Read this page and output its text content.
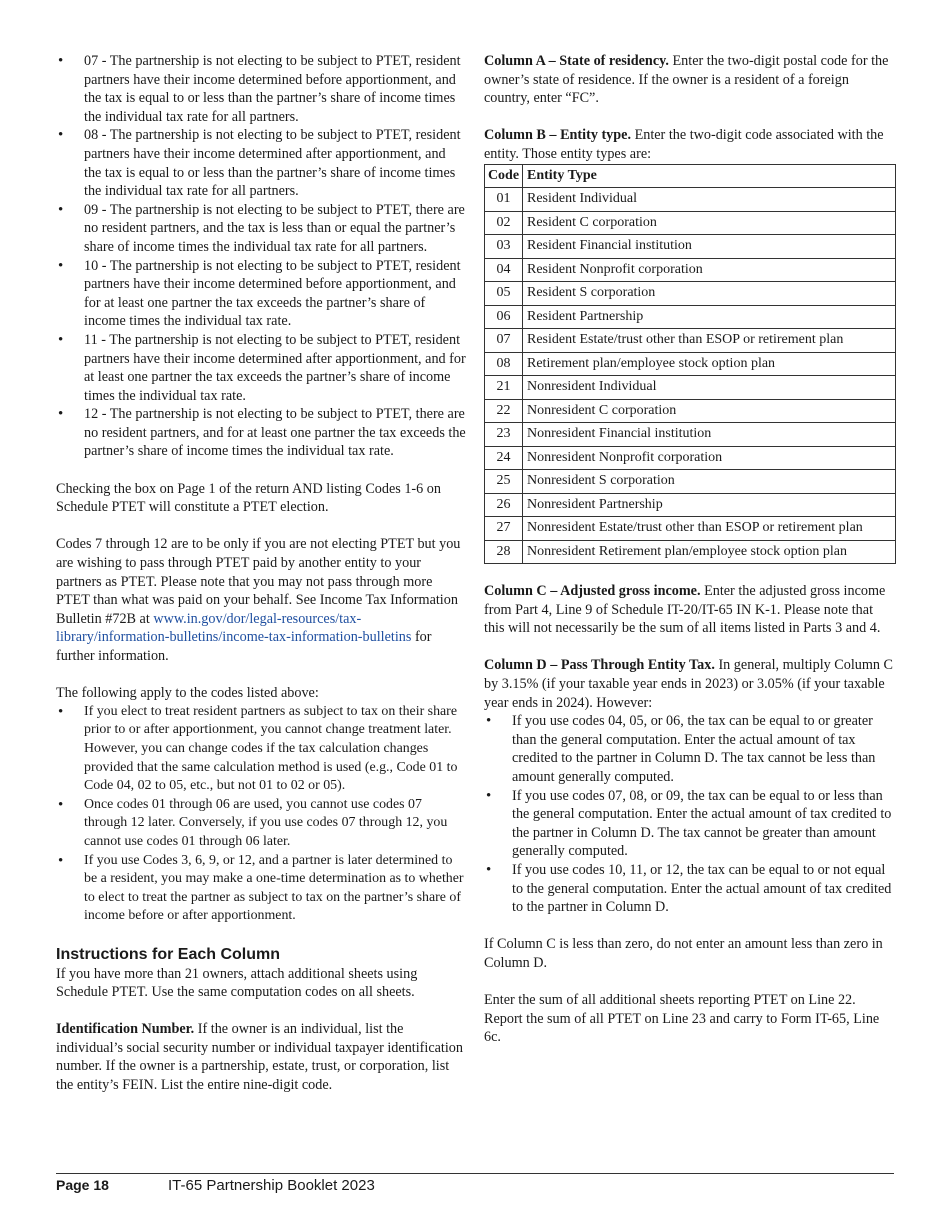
• 07 - The partnership is not electing to be subject to PTET, resident partners have their income determined before apportionment, and the tax is equal to or less than the partner’s share of income times the individual tax rate for all partners.
• 08 - The partnership is not electing to be subject to PTET, resident partners have their income determined after apportionment, and the tax is equal to or less than the partner’s share of income times the individual tax rate for all partners.
• 09 - The partnership is not electing to be subject to PTET, there are no resident partners, and the tax is less than or equal the partner’s share of income times the individual tax rate for all partners.
• 10 - The partnership is not electing to be subject to PTET, resident partners have their income determined before apportionment, and for at least one partner the tax exceeds the partner’s share of income times the individual tax rate.
• 11 - The partnership is not electing to be subject to PTET, resident partners have their income determined after apportionment, and for at least one partner the tax exceeds the partner’s share of income times the individual tax rate.
• 12 - The partnership is not electing to be subject to PTET, there are no resident partners, and for at least one partner the tax exceeds the partner’s share of income times the individual tax rate.

Checking the box on Page 1 of the return AND listing Codes 1-6 on Schedule PTET will constitute a PTET election.

Codes 7 through 12 are to be only if you are not electing PTET but you are wishing to pass through PTET paid by another entity to your partners as PTET. Please note that you may not pass through more PTET than what was paid on your behalf. See Income Tax Information Bulletin #72B at www.in.gov/dor/legal-resources/tax-library/information-bulletins/income-tax-information-bulletins for further information.

The following apply to the codes listed above:
• If you elect to treat resident partners as subject to tax on their share prior to or after apportionment, you cannot change treatment later. However, you can change codes if the tax calculation changes provided that the same calculation method is used (e.g., Code 01 to Code 04, 02 to 05, etc., but not 01 to 02 or 05).
• Once codes 01 through 06 are used, you cannot use codes 07 through 12 later. Conversely, if you use codes 07 through 12, you cannot use codes 01 through 06 later.
• If you use Codes 3, 6, 9, or 12, and a partner is later determined to be a resident, you may make a one-time determination as to whether to elect to treat the partner as subject to tax on the partner’s share of income before or after apportionment.
Instructions for Each Column

If you have more than 21 owners, attach additional sheets using Schedule PTET. Use the same computation codes on all sheets.

Identification Number. If the owner is an individual, list the individual’s social security number or individual taxpayer identification number. If the owner is a partnership, estate, trust, or corporation, list the entity’s FEIN. List the entire nine-digit code.

Column A – State of residency. Enter the two-digit postal code for the owner’s state of residence. If the owner is a resident of a foreign country, enter “FC”.

Column B – Entity type. Enter the two-digit code associated with the entity. Those entity types are:
Code	Entity Type
01	Resident Individual
02	Resident C corporation
03	Resident Financial institution
04	Resident Nonprofit corporation
05	Resident S corporation
06	Resident Partnership
07	Resident Estate/trust other than ESOP or retirement plan
08	Retirement plan/employee stock option plan
21	Nonresident Individual
22	Nonresident C corporation
23	Nonresident Financial institution
24	Nonresident Nonprofit corporation
25	Nonresident S corporation
26	Nonresident Partnership
27	Nonresident Estate/trust other than ESOP or retirement plan
28	Nonresident Retirement plan/employee stock option plan

Column C – Adjusted gross income. Enter the adjusted gross income from Part 4, Line 9 of Schedule IT-20/IT-65 IN K-1. Please note that this will not necessarily be the sum of all items listed in Parts 3 and 4.

Column D – Pass Through Entity Tax. In general, multiply Column C by 3.15% (if your taxable year ends in 2023) or 3.05% (if your taxable year ends in 2024). However:
• If you use codes 04, 05, or 06, the tax can be equal to or greater than the general computation. Enter the actual amount of tax credited to the partner in Column D. The tax cannot be less than amount generally computed.
• If you use codes 07, 08, or 09, the tax can be equal to or less than the general computation. Enter the actual amount of tax credited to the partner in Column D. The tax cannot be greater than amount generally computed.
• If you use codes 10, 11, or 12, the tax can be equal to or not equal to the general computation. Enter the actual amount of tax credited to the partner in Column D.

If Column C is less than zero, do not enter an amount less than zero in Column D.

Enter the sum of all additional sheets reporting PTET on Line 22. Report the sum of all PTET on Line 23 and carry to Form IT-65, Line 6c.

Page 18	IT-65 Partnership Booklet 2023
